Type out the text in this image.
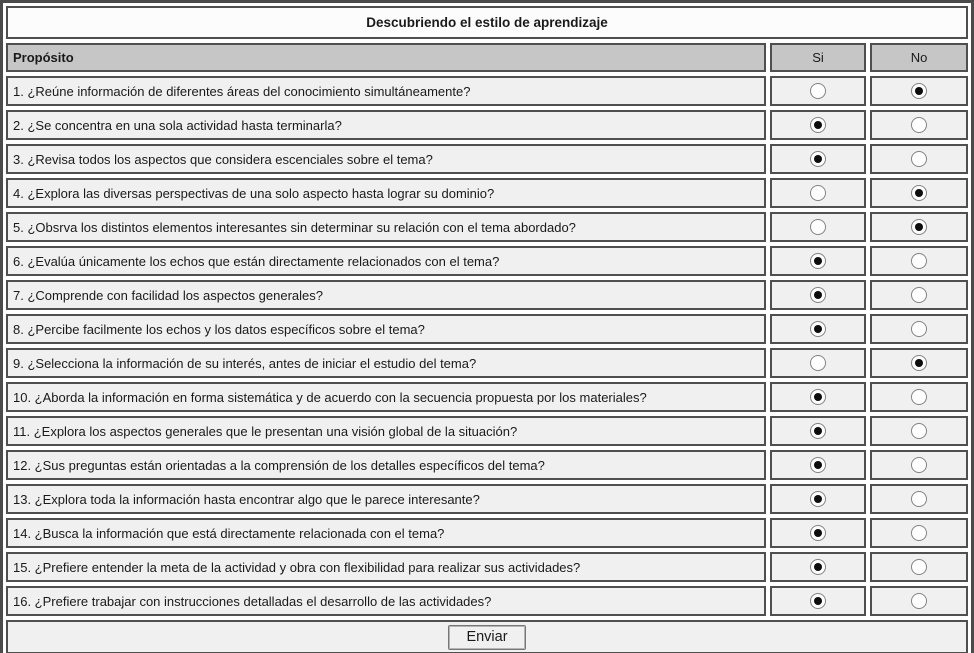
Descubriendo el estilo de aprendizaje
Propósito	Si	No
1. ¿Reúne información de diferentes áreas del conocimiento simultáneamente?
2. ¿Se concentra en una sola actividad hasta terminarla?
3. ¿Revisa todos los aspectos que considera escenciales sobre el tema?
4. ¿Explora las diversas perspectivas de una solo aspecto hasta lograr su dominio?
5. ¿Obsrva los distintos elementos interesantes sin determinar su relación con el tema abordado?
6. ¿Evalúa únicamente los echos que están directamente relacionados con el tema?
7. ¿Comprende con facilidad los aspectos generales?
8. ¿Percibe facilmente los echos y los datos específicos sobre el tema?
9. ¿Selecciona la información de su interés, antes de iniciar el estudio del tema?
10. ¿Aborda la información en forma sistemática y de acuerdo con la secuencia propuesta por los materiales?
11. ¿Explora los aspectos generales que le presentan una visión global de la situación?
12. ¿Sus preguntas están orientadas a la comprensión de los detalles específicos del tema?
13. ¿Explora toda la información hasta encontrar algo que le parece interesante?
14. ¿Busca la información que está directamente relacionada con el tema?
15. ¿Prefiere entender la meta de la actividad y obra con flexibilidad para realizar sus actividades?
16. ¿Prefiere trabajar con instrucciones detalladas el desarrollo de las actividades?
Enviar
